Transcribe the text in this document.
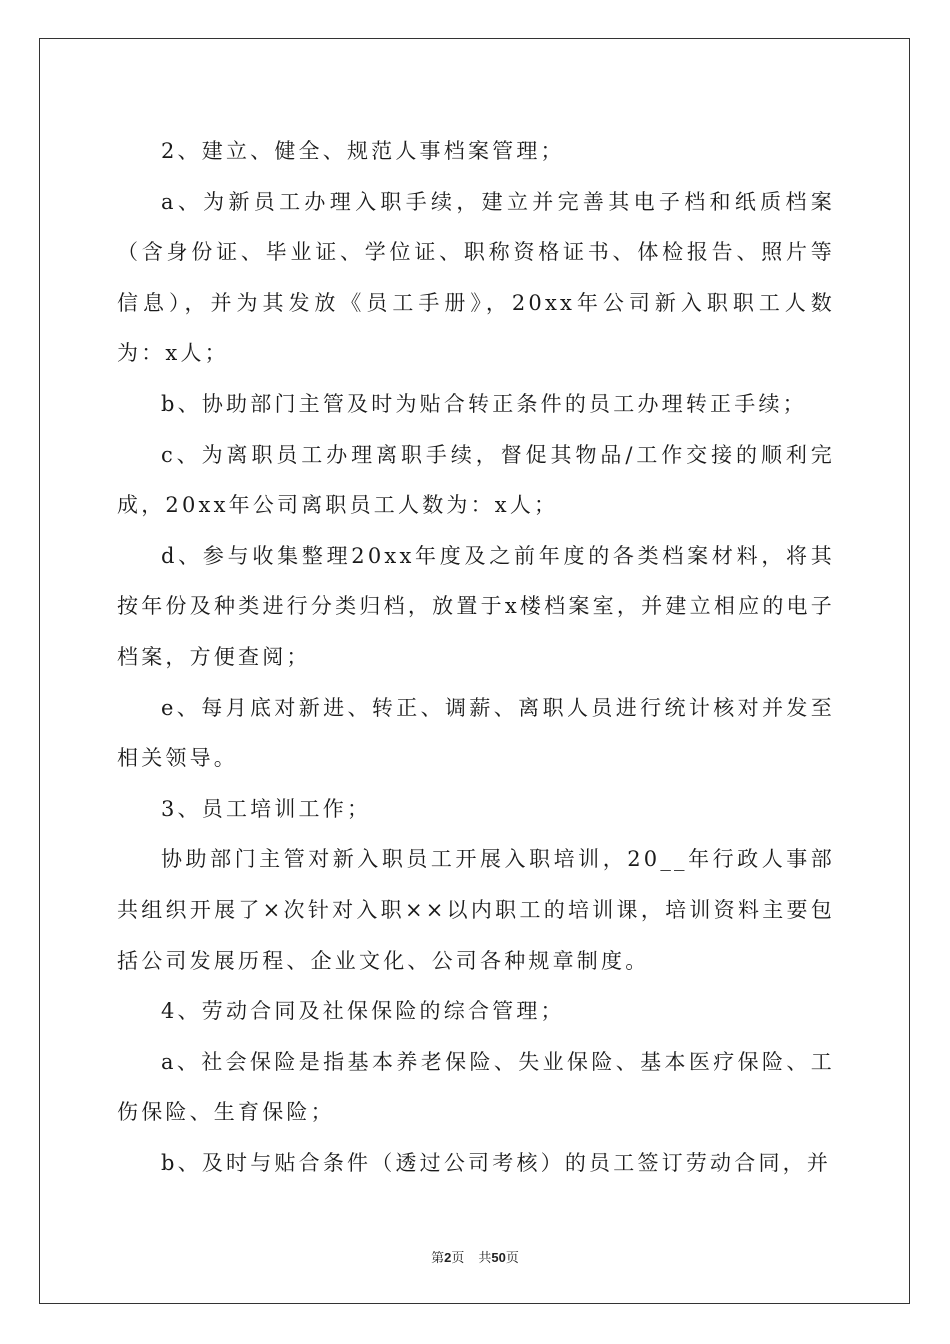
2、建立、健全、规范人事档案管理；

a、为新员工办理入职手续，建立并完善其电子档和纸质档案（含身份证、毕业证、学位证、职称资格证书、体检报告、照片等信息），并为其发放《员工手册》，20xx年公司新入职职工人数为：x人；

b、协助部门主管及时为贴合转正条件的员工办理转正手续；

c、为离职员工办理离职手续，督促其物品/工作交接的顺利完成，20xx年公司离职员工人数为：x人；

d、参与收集整理20xx年度及之前年度的各类档案材料，将其按年份及种类进行分类归档，放置于x楼档案室，并建立相应的电子档案，方便查阅；

e、每月底对新进、转正、调薪、离职人员进行统计核对并发至相关领导。

3、员工培训工作；

协助部门主管对新入职员工开展入职培训，20__年行政人事部共组织开展了×次针对入职××以内职工的培训课，培训资料主要包括公司发展历程、企业文化、公司各种规章制度。

4、劳动合同及社保保险的综合管理；

a、社会保险是指基本养老保险、失业保险、基本医疗保险、工伤保险、生育保险；

b、及时与贴合条件（透过公司考核）的员工签订劳动合同，并

第2页 共50页
